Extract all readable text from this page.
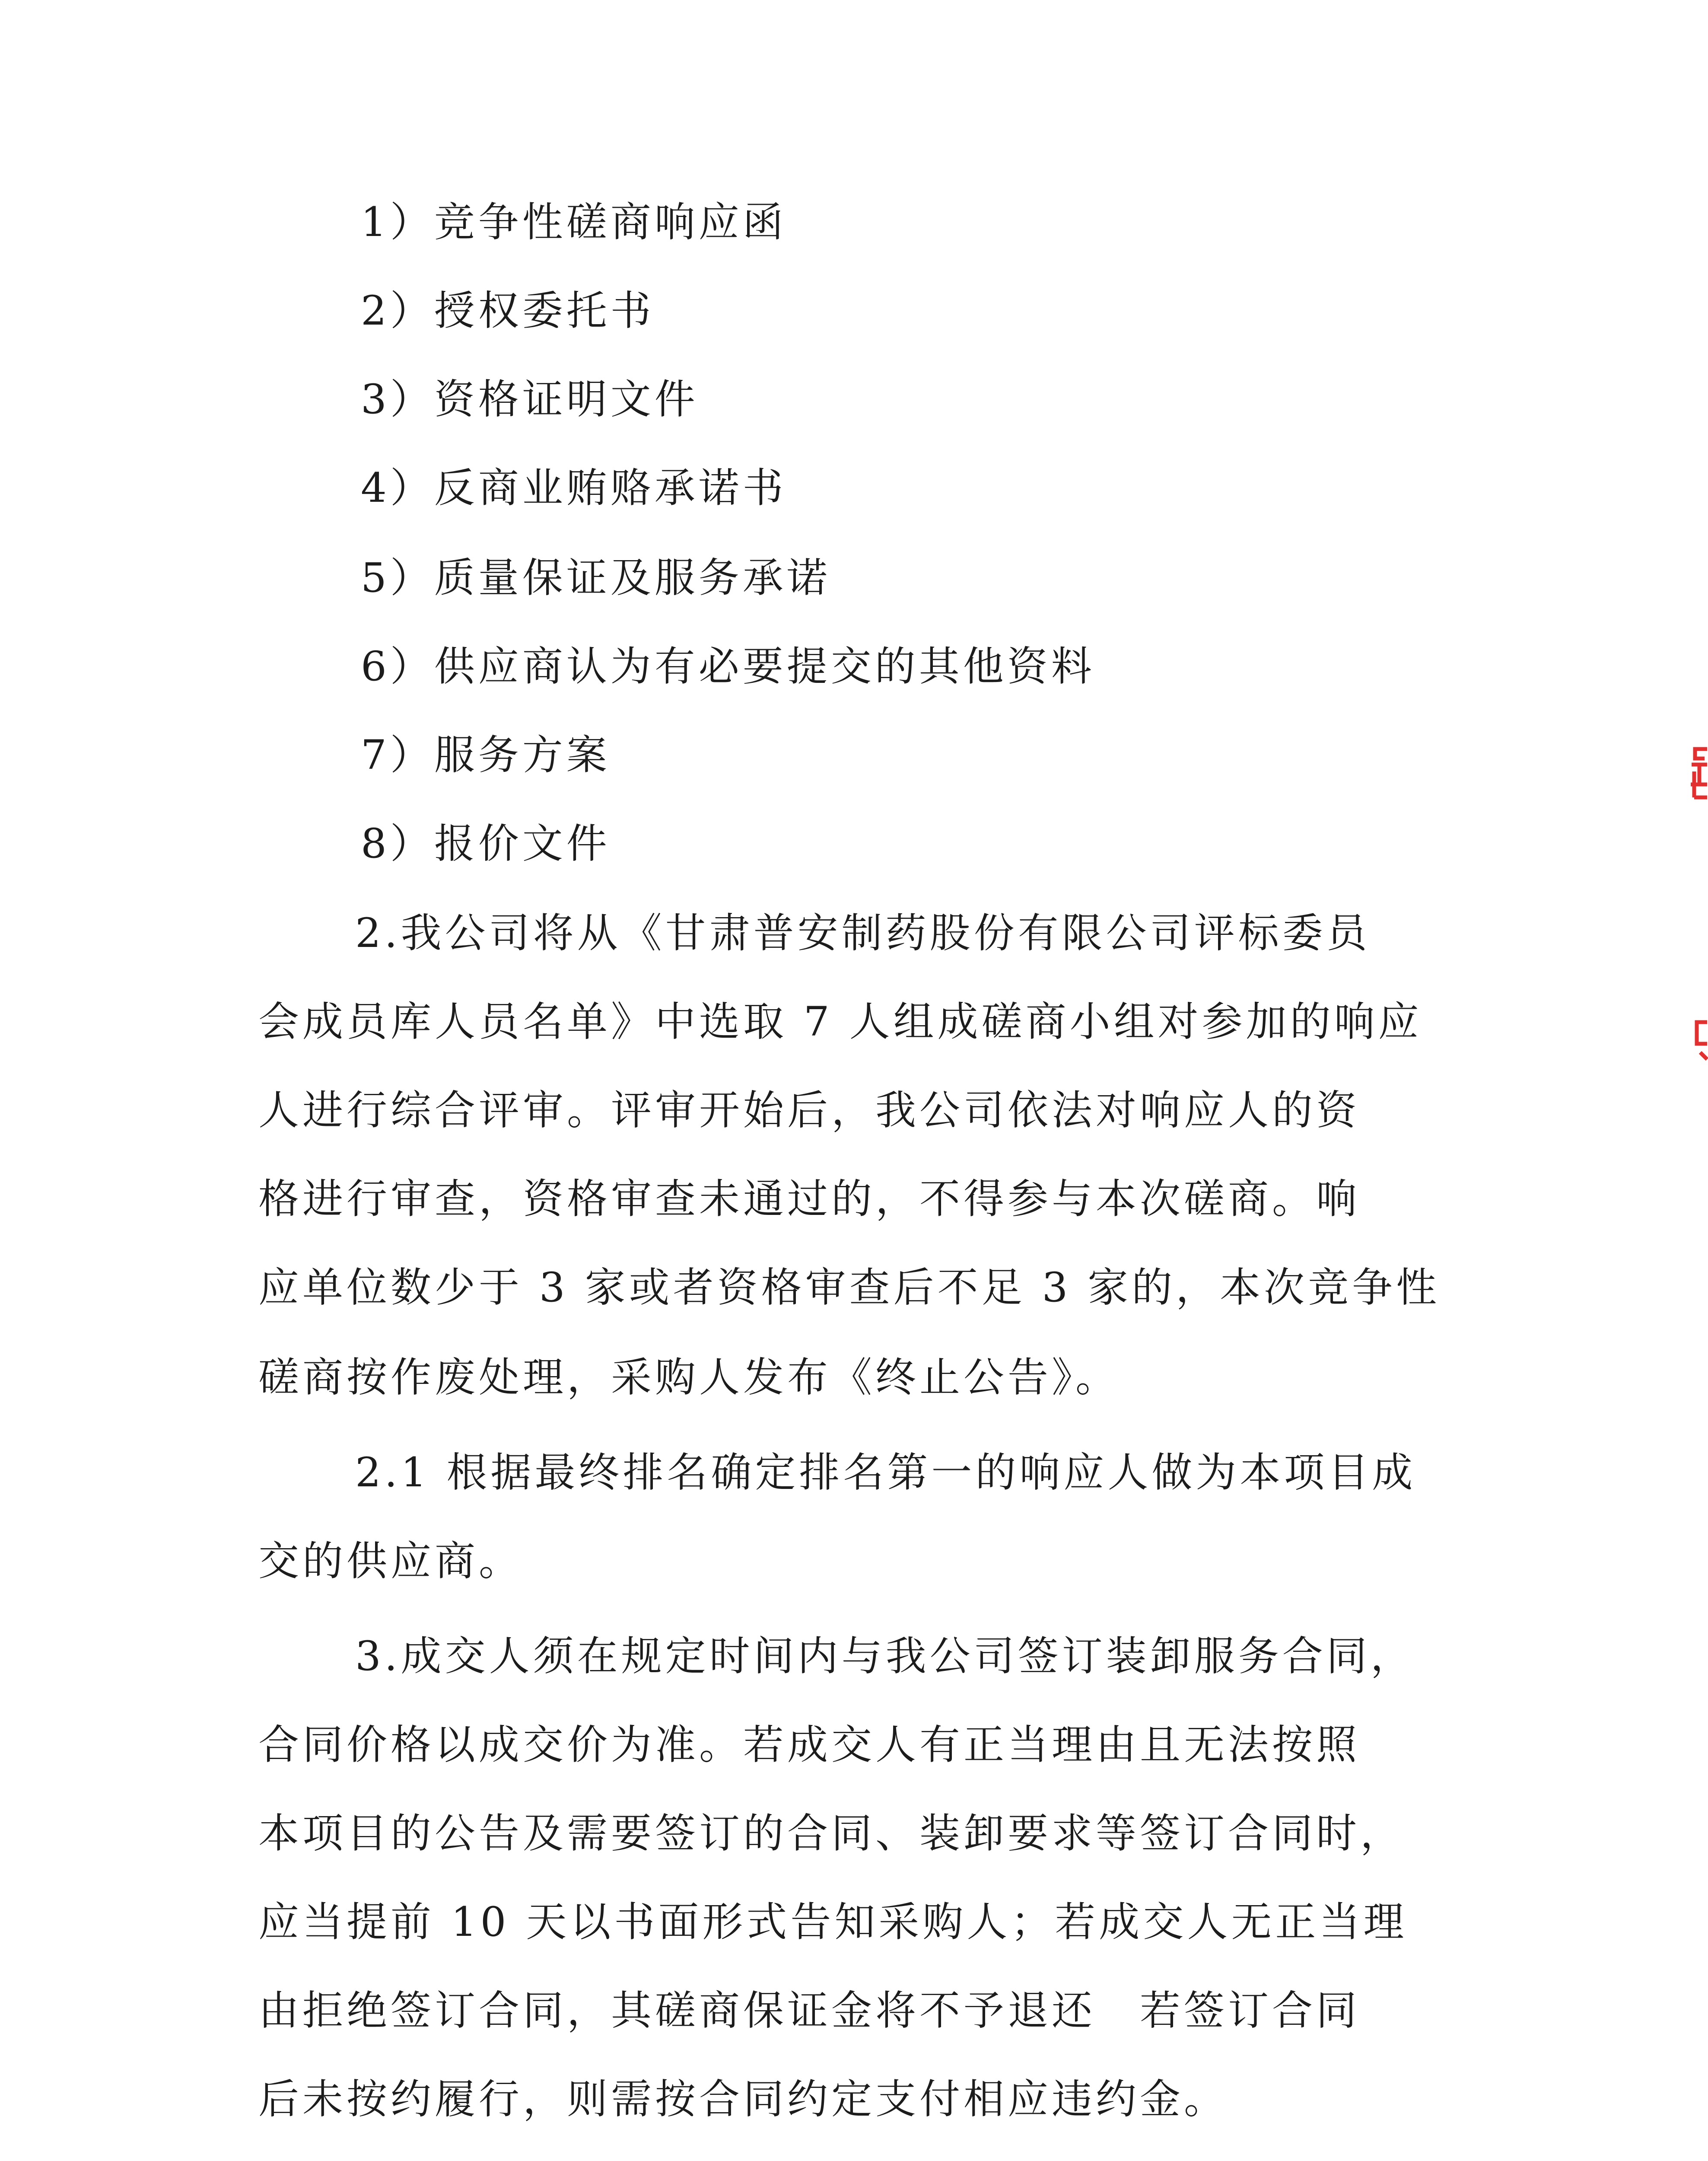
1）竞争性磋商响应函
2）授权委托书
3）资格证明文件
4）反商业贿赂承诺书
5）质量保证及服务承诺
6）供应商认为有必要提交的其他资料
7）服务方案
8）报价文件
2.我公司将从《甘肃普安制药股份有限公司评标委员
会成员库人员名单》中选取 7 人组成磋商小组对参加的响应
人进行综合评审。评审开始后，我公司依法对响应人的资
格进行审查，资格审查未通过的，不得参与本次磋商。响
应单位数少于 3 家或者资格审查后不足 3 家的，本次竞争性
磋商按作废处理，采购人发布《终止公告》。
2.1 根据最终排名确定排名第一的响应人做为本项目成
交的供应商。
3.成交人须在规定时间内与我公司签订装卸服务合同，
合同价格以成交价为准。若成交人有正当理由且无法按照
本项目的公告及需要签订的合同、装卸要求等签订合同时，
应当提前 10 天以书面形式告知采购人；若成交人无正当理
由拒绝签订合同，其磋商保证金将不予退还　若签订合同
后未按约履行，则需按合同约定支付相应违约金。
